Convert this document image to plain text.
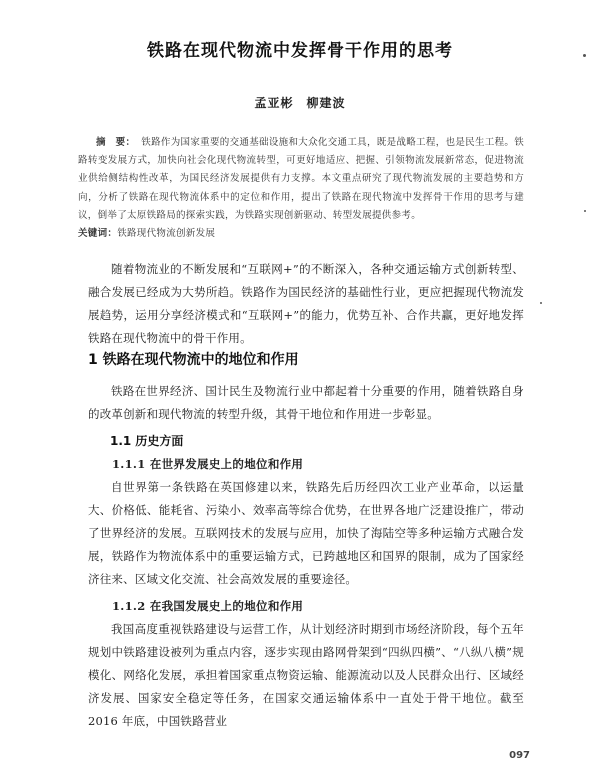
铁路在现代物流中发挥骨干作用的思考
孟亚彬　柳建波
摘　要： 铁路作为国家重要的交通基础设施和大众化交通工具，既是战略工程，也是民生工程。铁路转变发展方式，加快向社会化现代物流转型，可更好地适应、把握、引领物流发展新常态，促进物流业供给侧结构性改革，为国民经济发展提供有力支撑。本文重点研究了现代物流发展的主要趋势和方向，分析了铁路在现代物流体系中的定位和作用，提出了铁路在现代物流中发挥骨干作用的思考与建议，倒举了太原铁路局的探索实践，为铁路实现创新驱动、转型发展提供参考。
关键词：铁路现代物流创新发展

随着物流业的不断发展和“互联网+”的不断深入，各种交通运输方式创新转型、融合发展已经成为大势所趋。铁路作为国民经济的基础性行业，更应把握现代物流发展趋势，运用分享经济模式和“互联网+”的能力，优势互补、合作共赢，更好地发挥铁路在现代物流中的骨干作用。

1 铁路在现代物流中的地位和作用

铁路在世界经济、国计民生及物流行业中都起着十分重要的作用，随着铁路自身的改革创新和现代物流的转型升级，其骨干地位和作用进一步彰显。

1.1 历史方面
1.1.1 在世界发展史上的地位和作用

自世界第一条铁路在英国修建以来，铁路先后历经四次工业产业革命，以运量大、价格低、能耗省、污染小、效率高等综合优势，在世界各地广泛建设推广，带动了世界经济的发展。互联网技术的发展与应用，加快了海陆空等多种运输方式融合发展，铁路作为物流体系中的重要运输方式，已跨越地区和国界的限制，成为了国家经济往来、区域文化交流、社会高效发展的重要途径。

1.1.2 在我国发展史上的地位和作用

我国高度重视铁路建设与运营工作，从计划经济时期到市场经济阶段，每个五年规划中铁路建设被列为重点内容，逐步实现由路网骨架到“四纵四横”、“八纵八横”规模化、网络化发展，承担着国家重点物资运输、能源流动以及人民群众出行、区域经济发展、国家安全稳定等任务，在国家交通运输体系中一直处于骨干地位。截至 2016 年底，中国铁路营业

097
